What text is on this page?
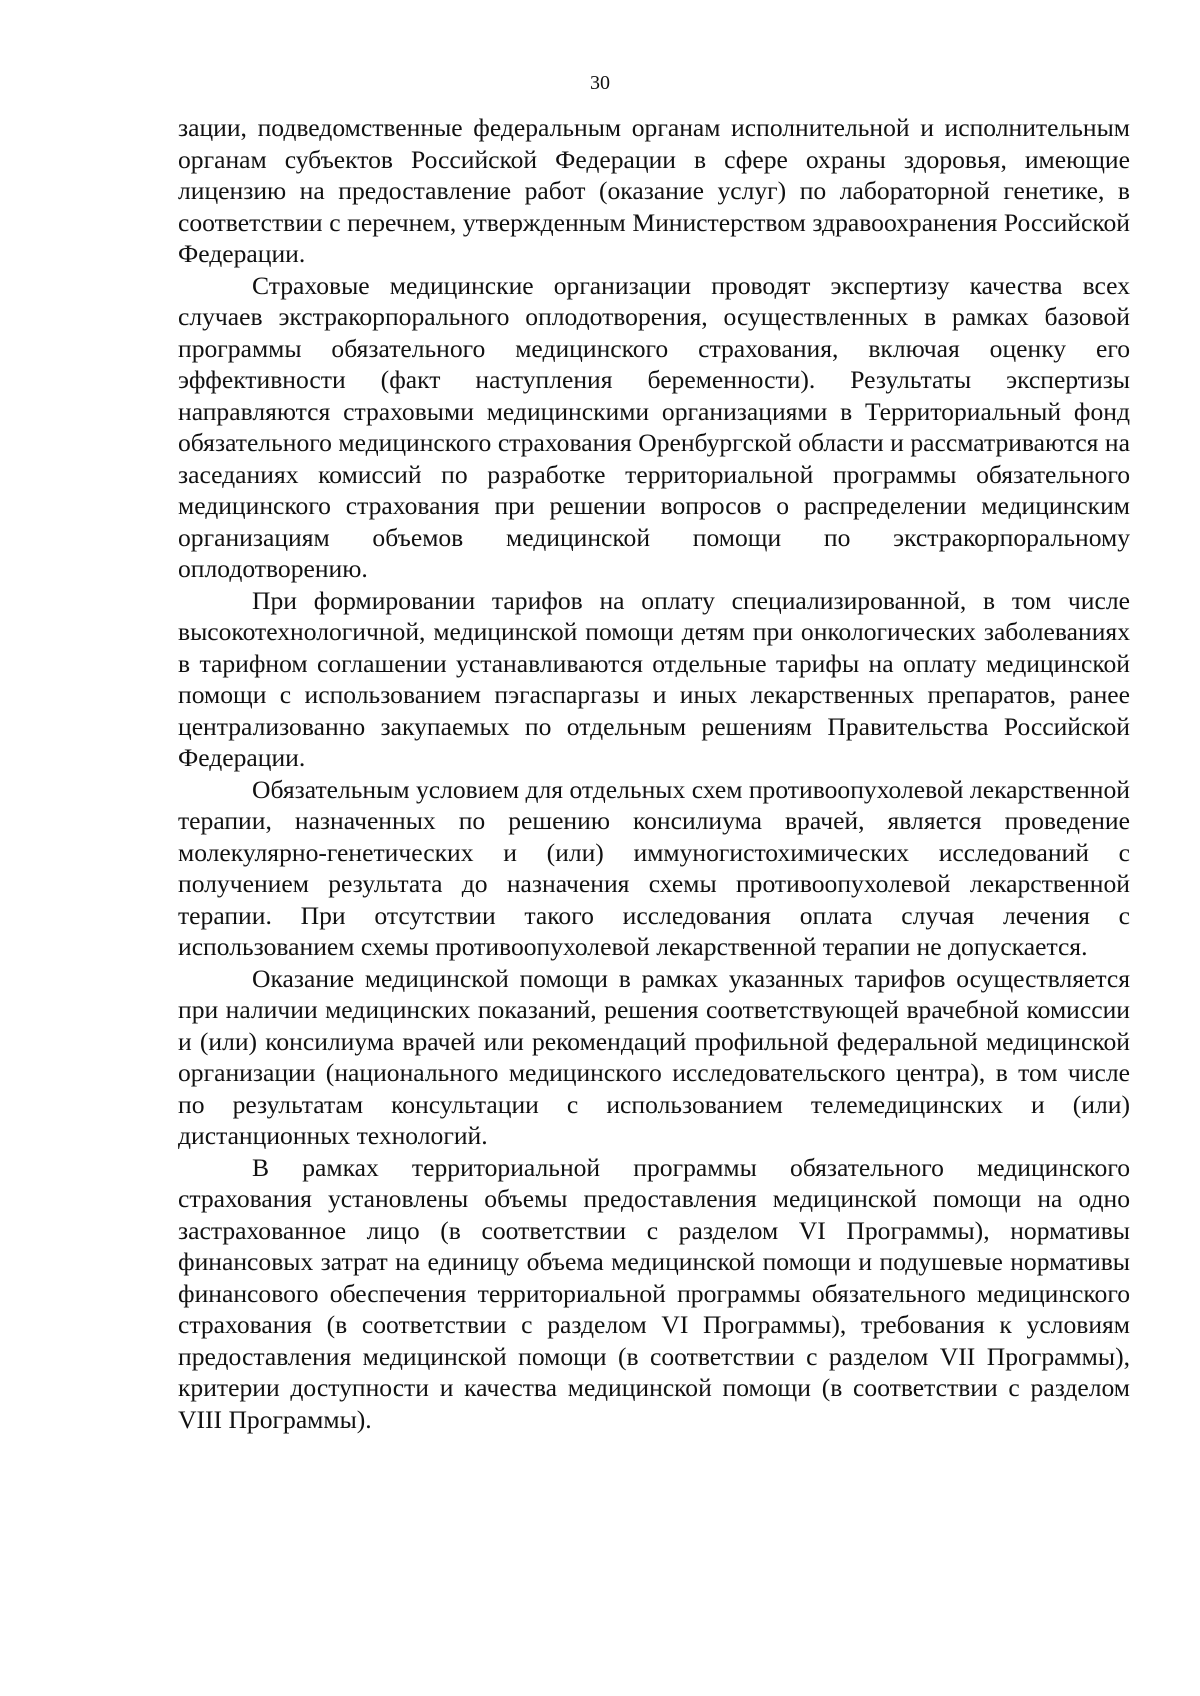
30

зации, подведомственные федеральным органам исполнительной и исполнительным органам субъектов Российской Федерации в сфере охраны здоровья, имеющие лицензию на предоставление работ (оказание услуг) по лабораторной генетике, в соответствии с перечнем, утвержденным Министерством здравоохранения Российской Федерации.

Страховые медицинские организации проводят экспертизу качества всех случаев экстракорпорального оплодотворения, осуществленных в рамках базовой программы обязательного медицинского страхования, включая оценку его эффективности (факт наступления беременности). Результаты экспертизы направляются страховыми медицинскими организациями в Территориальный фонд обязательного медицинского страхования Оренбургской области и рассматриваются на заседаниях комиссий по разработке территориальной программы обязательного медицинского страхования при решении вопросов о распределении медицинским организациям объемов медицинской помощи по экстракорпоральному оплодотворению.

При формировании тарифов на оплату специализированной, в том числе высокотехнологичной, медицинской помощи детям при онкологических заболеваниях в тарифном соглашении устанавливаются отдельные тарифы на оплату медицинской помощи с использованием пэгаспаргазы и иных лекарственных препаратов, ранее централизованно закупаемых по отдельным решениям Правительства Российской Федерации.

Обязательным условием для отдельных схем противоопухолевой лекарственной терапии, назначенных по решению консилиума врачей, является проведение молекулярно-генетических и (или) иммуногистохимических исследований с получением результата до назначения схемы противоопухолевой лекарственной терапии. При отсутствии такого исследования оплата случая лечения с использованием схемы противоопухолевой лекарственной терапии не допускается.

Оказание медицинской помощи в рамках указанных тарифов осуществляется при наличии медицинских показаний, решения соответствующей врачебной комиссии и (или) консилиума врачей или рекомендаций профильной федеральной медицинской организации (национального медицинского исследовательского центра), в том числе по результатам консультации с использованием телемедицинских и (или) дистанционных технологий.

В рамках территориальной программы обязательного медицинского страхования установлены объемы предоставления медицинской помощи на одно застрахованное лицо (в соответствии с разделом VI Программы), нормативы финансовых затрат на единицу объема медицинской помощи и подушевые нормативы финансового обеспечения территориальной программы обязательного медицинского страхования (в соответствии с разделом VI Программы), требования к условиям предоставления медицинской помощи (в соответствии с разделом VII Программы), критерии доступности и качества медицинской помощи (в соответствии с разделом VIII Программы).
